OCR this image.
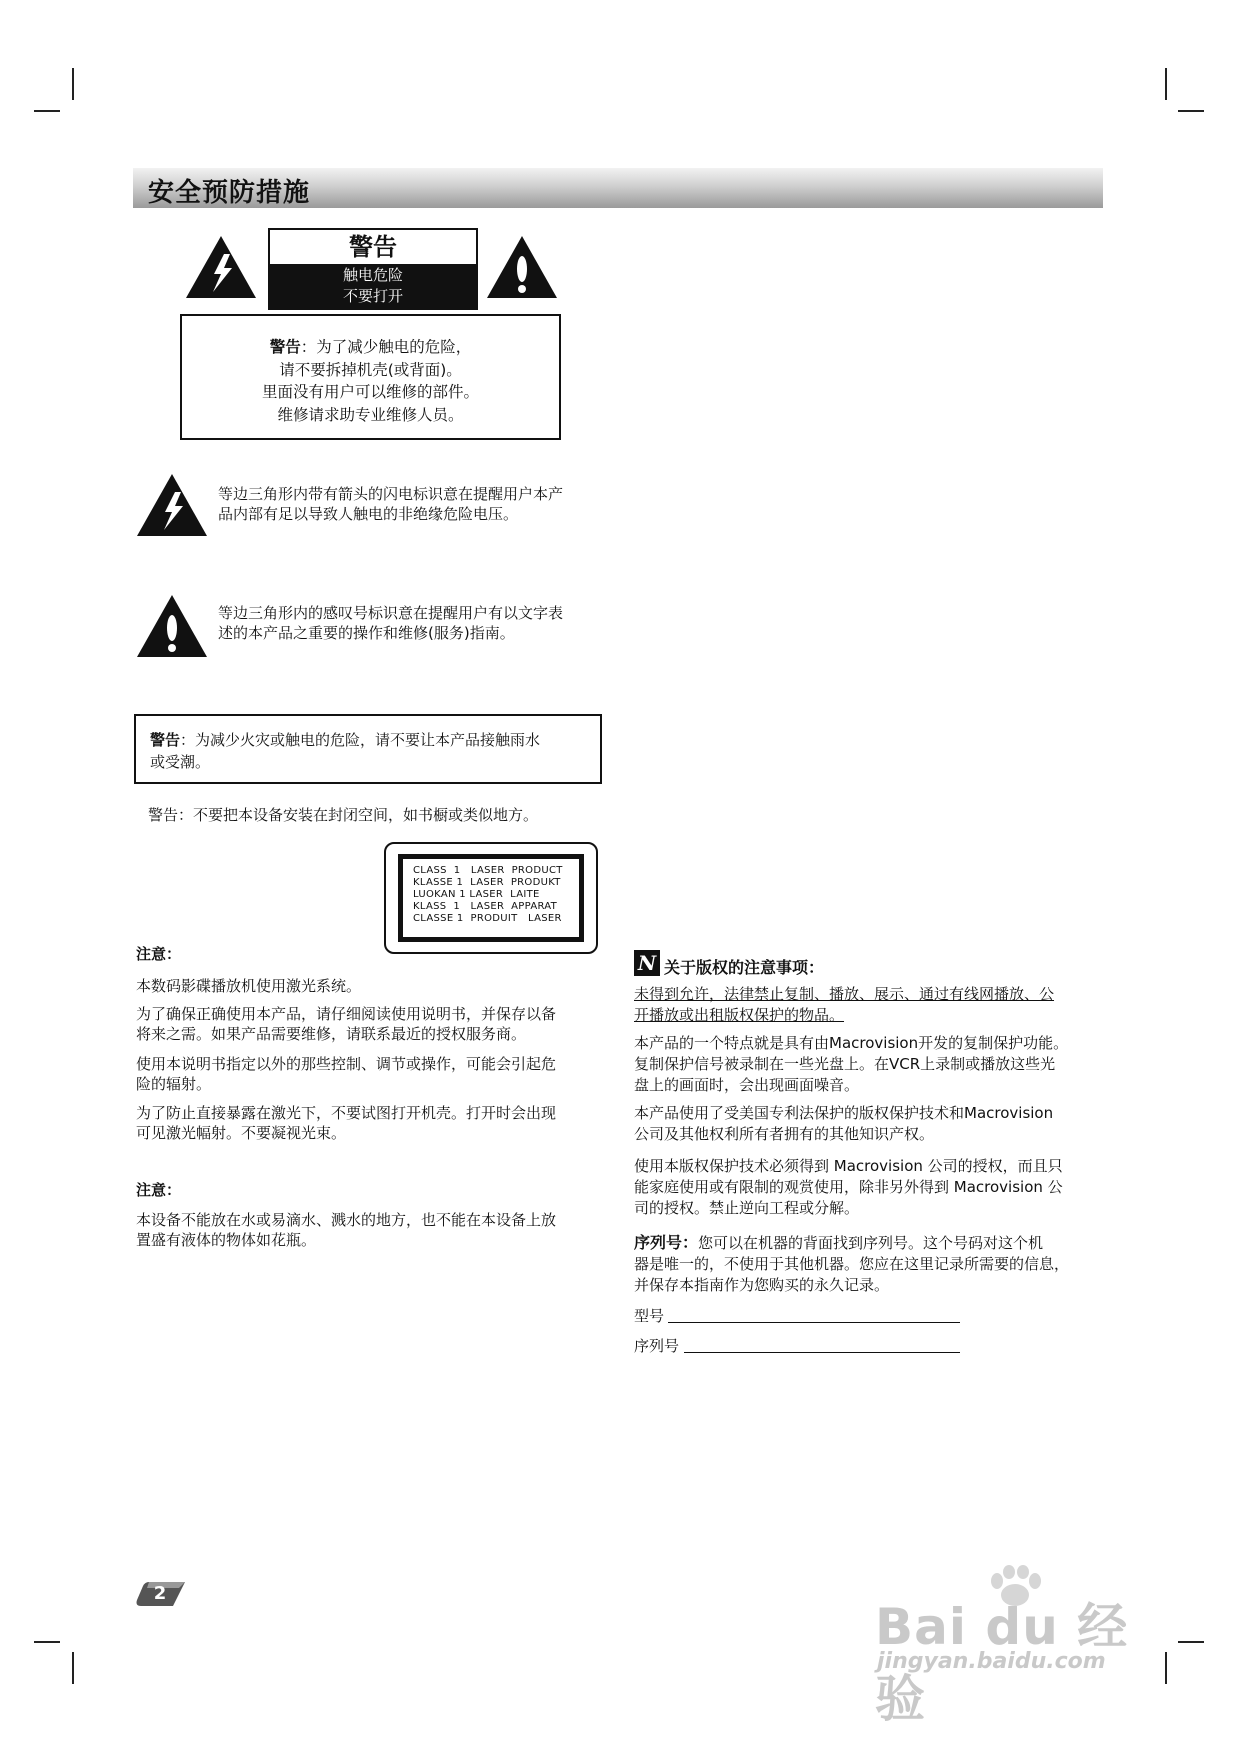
安全预防措施
警告
触电危险
不要打开
警告：为了减少触电的危险，
请不要拆掉机壳(或背面)。
里面没有用户可以维修的部件。
维修请求助专业维修人员。
等边三角形内带有箭头的闪电标识意在提醒用户本产
品内部有足以导致人触电的非绝缘危险电压。
等边三角形内的感叹号标识意在提醒用户有以文字表
述的本产品之重要的操作和维修(服务)指南。
警告：为减少火灾或触电的危险，请不要让本产品接触雨水
或受潮。
警告：不要把本设备安装在封闭空间，如书橱或类似地方。
CLASS  1   LASER  PRODUCT
KLASSE 1  LASER  PRODUKT
LUOKAN 1 LASER  LAITE
KLASS  1   LASER  APPARAT
CLASSE 1  PRODUIT   LASER
注意：
本数码影碟播放机使用激光系统。
为了确保正确使用本产品，请仔细阅读使用说明书，并保存以备
将来之需。如果产品需要维修，请联系最近的授权服务商。
使用本说明书指定以外的那些控制、调节或操作，可能会引起危
险的辐射。
为了防止直接暴露在激光下，不要试图打开机壳。打开时会出现
可见激光幅射。不要凝视光束。
注意：
本设备不能放在水或易滴水、溅水的地方，也不能在本设备上放
置盛有液体的物体如花瓶。
N 关于版权的注意事项：
未得到允许，法律禁止复制、播放、展示、通过有线网播放、公
开播放或出租版权保护的物品。
本产品的一个特点就是具有由Macrovision开发的复制保护功能。
复制保护信号被录制在一些光盘上。在VCR上录制或播放这些光
盘上的画面时，会出现画面噪音。
本产品使用了受美国专利法保护的版权保护技术和Macrovision
公司及其他权利所有者拥有的其他知识产权。
使用本版权保护技术必须得到 Macrovision 公司的授权，而且只
能家庭使用或有限制的观赏使用，除非另外得到 Macrovision 公
司的授权。禁止逆向工程或分解。
序列号：您可以在机器的背面找到序列号。这个号码对这个机
器是唯一的，不使用于其他机器。您应在这里记录所需要的信息，
并保存本指南作为您购买的永久记录。
型号
序列号
2
Bai du 经验
jingyan.baidu.com
